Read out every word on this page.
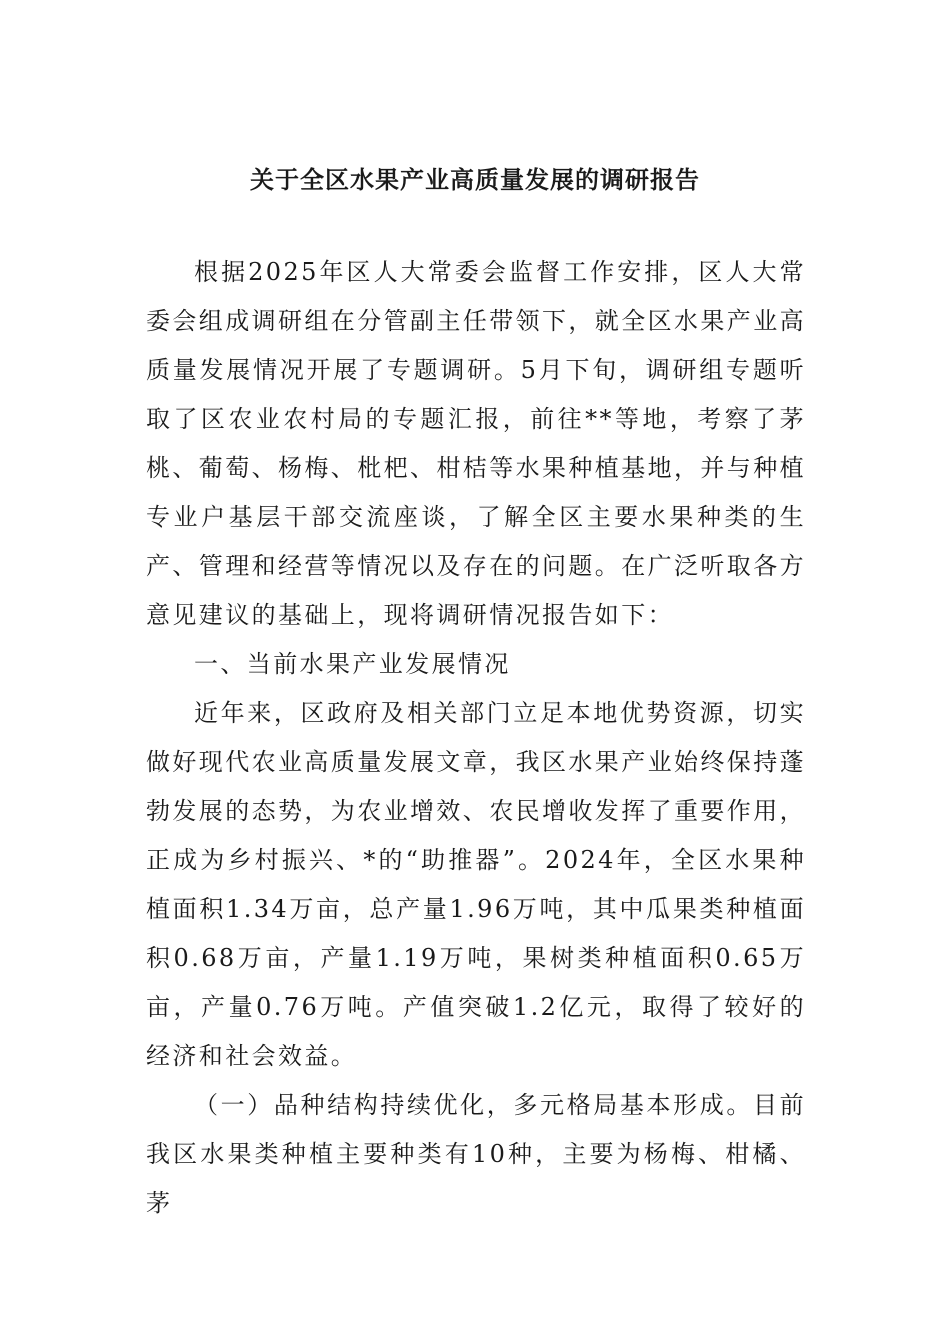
关于全区水果产业高质量发展的调研报告

根据2025年区人大常委会监督工作安排，区人大常委会组成调研组在分管副主任带领下，就全区水果产业高质量发展情况开展了专题调研。5月下旬，调研组专题听取了区农业农村局的专题汇报，前往**等地，考察了茅桃、葡萄、杨梅、枇杷、柑桔等水果种植基地，并与种植专业户基层干部交流座谈，了解全区主要水果种类的生产、管理和经营等情况以及存在的问题。在广泛听取各方意见建议的基础上，现将调研情况报告如下：

一、当前水果产业发展情况

近年来，区政府及相关部门立足本地优势资源，切实做好现代农业高质量发展文章，我区水果产业始终保持蓬勃发展的态势，为农业增效、农民增收发挥了重要作用，正成为乡村振兴、*的“助推器”。2024年，全区水果种植面积1.34万亩，总产量1.96万吨，其中瓜果类种植面积0.68万亩，产量1.19万吨，果树类种植面积0.65万亩，产量0.76万吨。产值突破1.2亿元，取得了较好的经济和社会效益。

（一）品种结构持续优化，多元格局基本形成。目前我区水果类种植主要种类有10种，主要为杨梅、柑橘、茅
